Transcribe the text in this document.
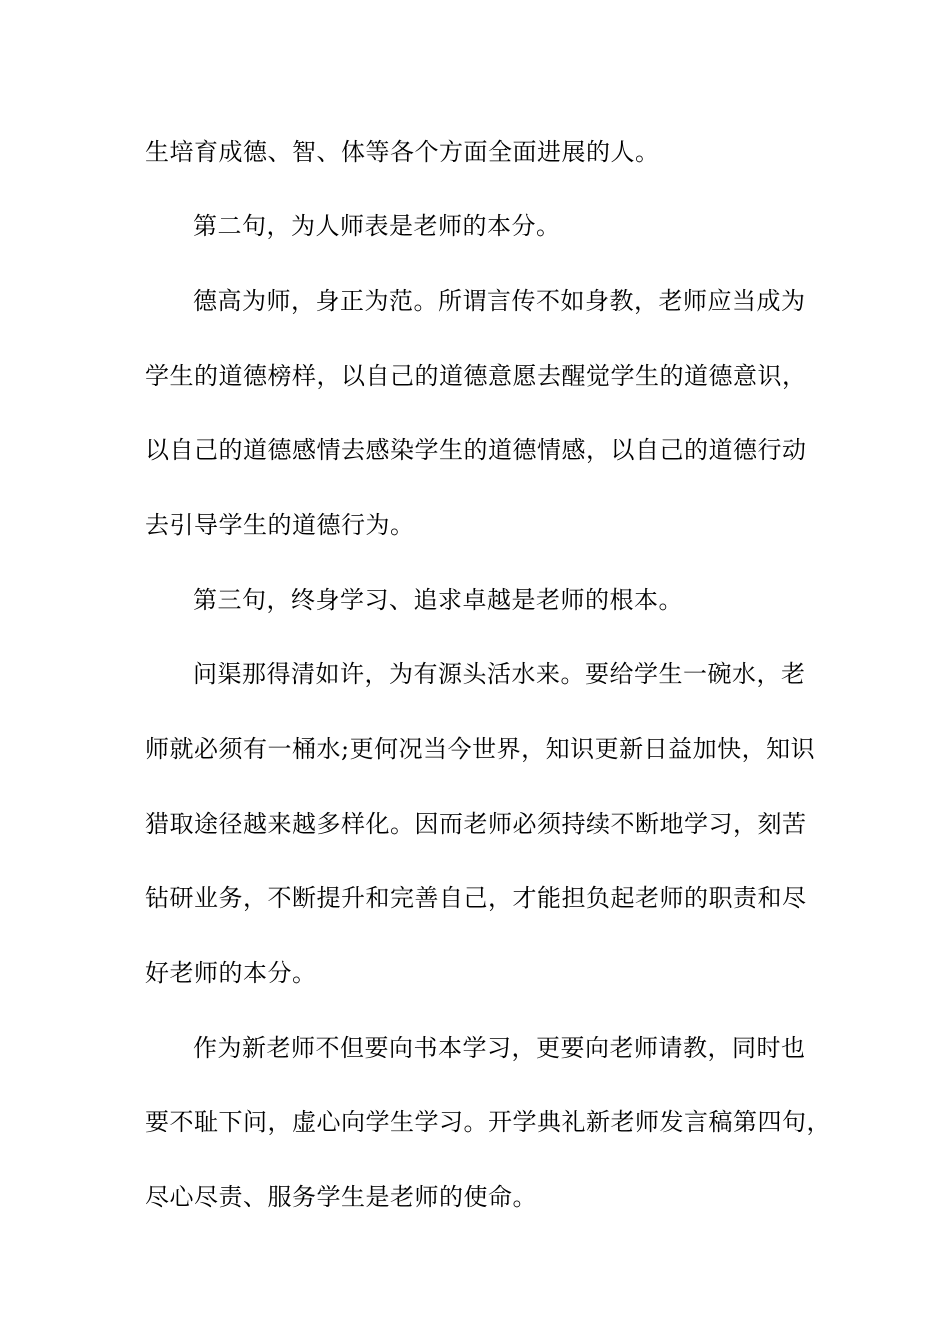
生培育成德、智、体等各个方面全面进展的人。

第二句，为人师表是老师的本分。

德高为师，身正为范。所谓言传不如身教，老师应当成为

学生的道德榜样，以自己的道德意愿去醒觉学生的道德意识，

以自己的道德感情去感染学生的道德情感，以自己的道德行动

去引导学生的道德行为。

第三句，终身学习、追求卓越是老师的根本。

问渠那得清如许，为有源头活水来。要给学生一碗水，老

师就必须有一桶水;更何况当今世界，知识更新日益加快，知识

猎取途径越来越多样化。因而老师必须持续不断地学习，刻苦

钻研业务，不断提升和完善自己，才能担负起老师的职责和尽

好老师的本分。

作为新老师不但要向书本学习，更要向老师请教，同时也

要不耻下问，虚心向学生学习。开学典礼新老师发言稿第四句，

尽心尽责、服务学生是老师的使命。
